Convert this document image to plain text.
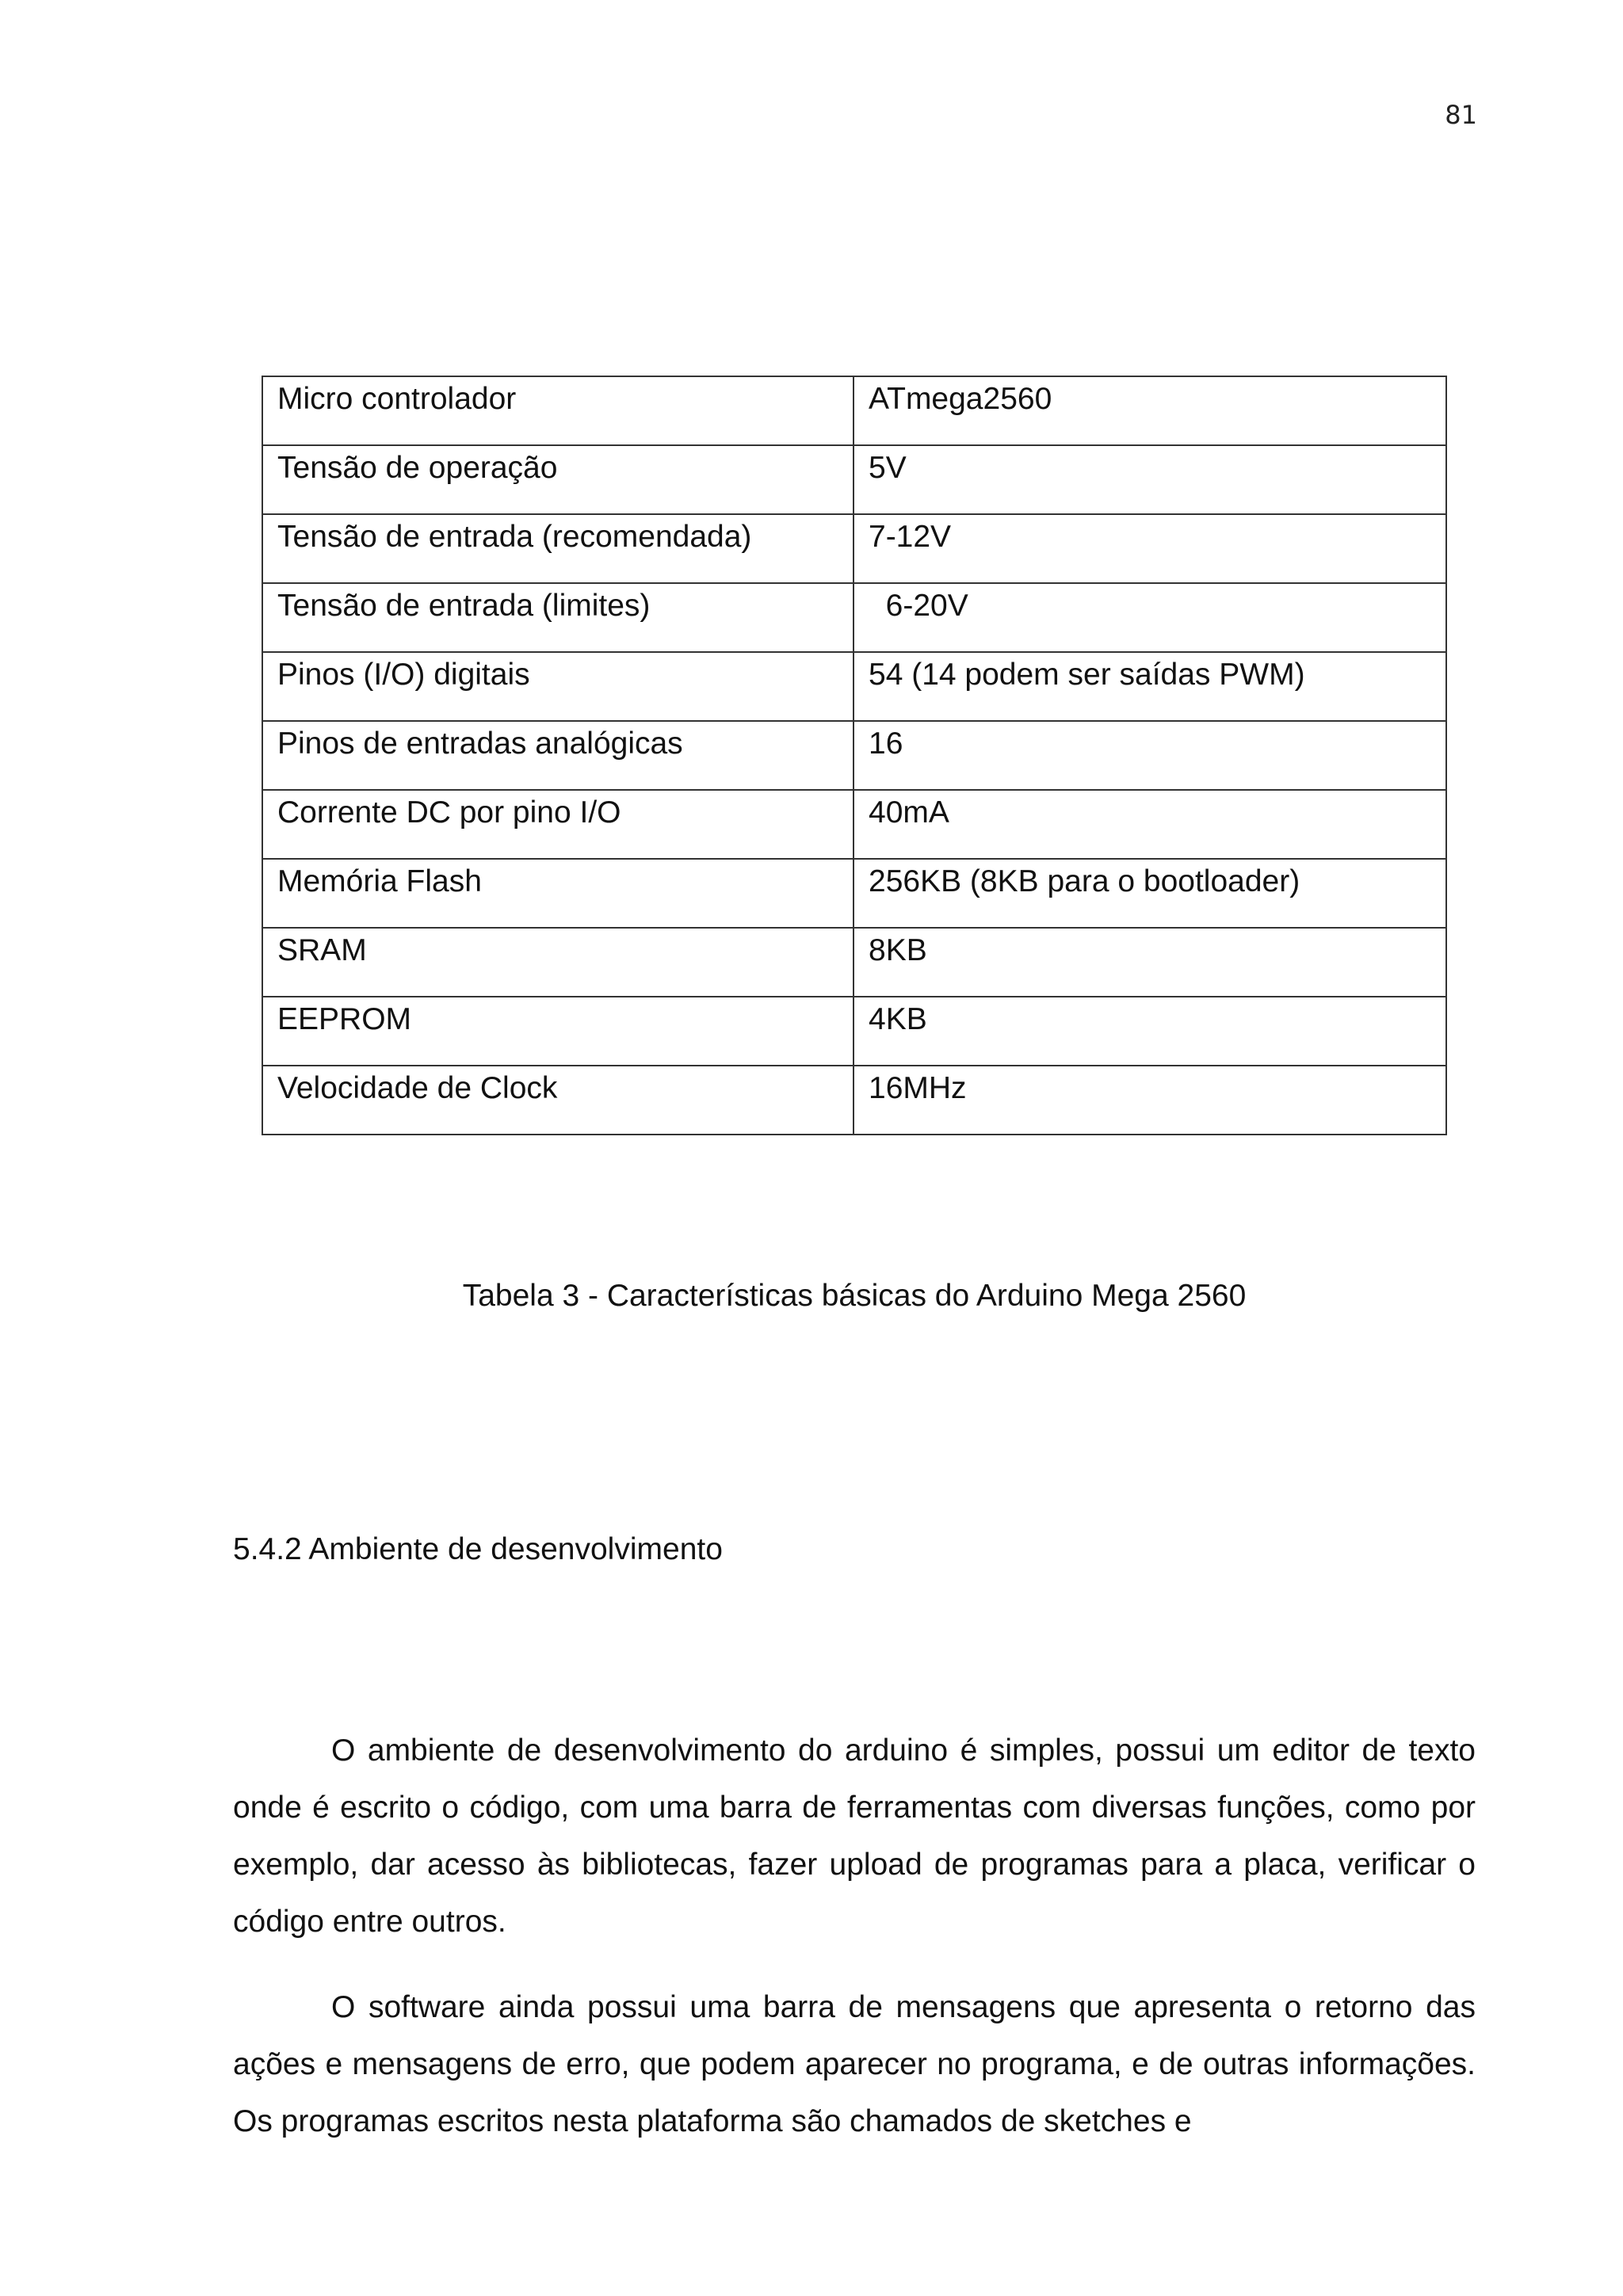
81
Micro controlador	ATmega2560
Tensão de operação	5V
Tensão de entrada (recomendada)	7-12V
Tensão de entrada (limites)	6-20V
Pinos (I/O) digitais	54 (14 podem ser saídas PWM)
Pinos de entradas analógicas	16
Corrente DC por pino I/O	40mA
Memória Flash	256KB (8KB para o bootloader)
SRAM	8KB
EEPROM	4KB
Velocidade de Clock	16MHz
Tabela 3 - Características básicas do Arduino Mega 2560
5.4.2 Ambiente de desenvolvimento

O ambiente de desenvolvimento do arduino é simples, possui um editor de texto onde é escrito o código, com uma barra de ferramentas com diversas funções, como por exemplo, dar acesso às bibliotecas, fazer upload de programas para a placa, verificar o código entre outros.

O software ainda possui uma barra de mensagens que apresenta o retorno das ações e mensagens de erro, que podem aparecer no programa, e de outras informações. Os programas escritos nesta plataforma são chamados de sketches e
